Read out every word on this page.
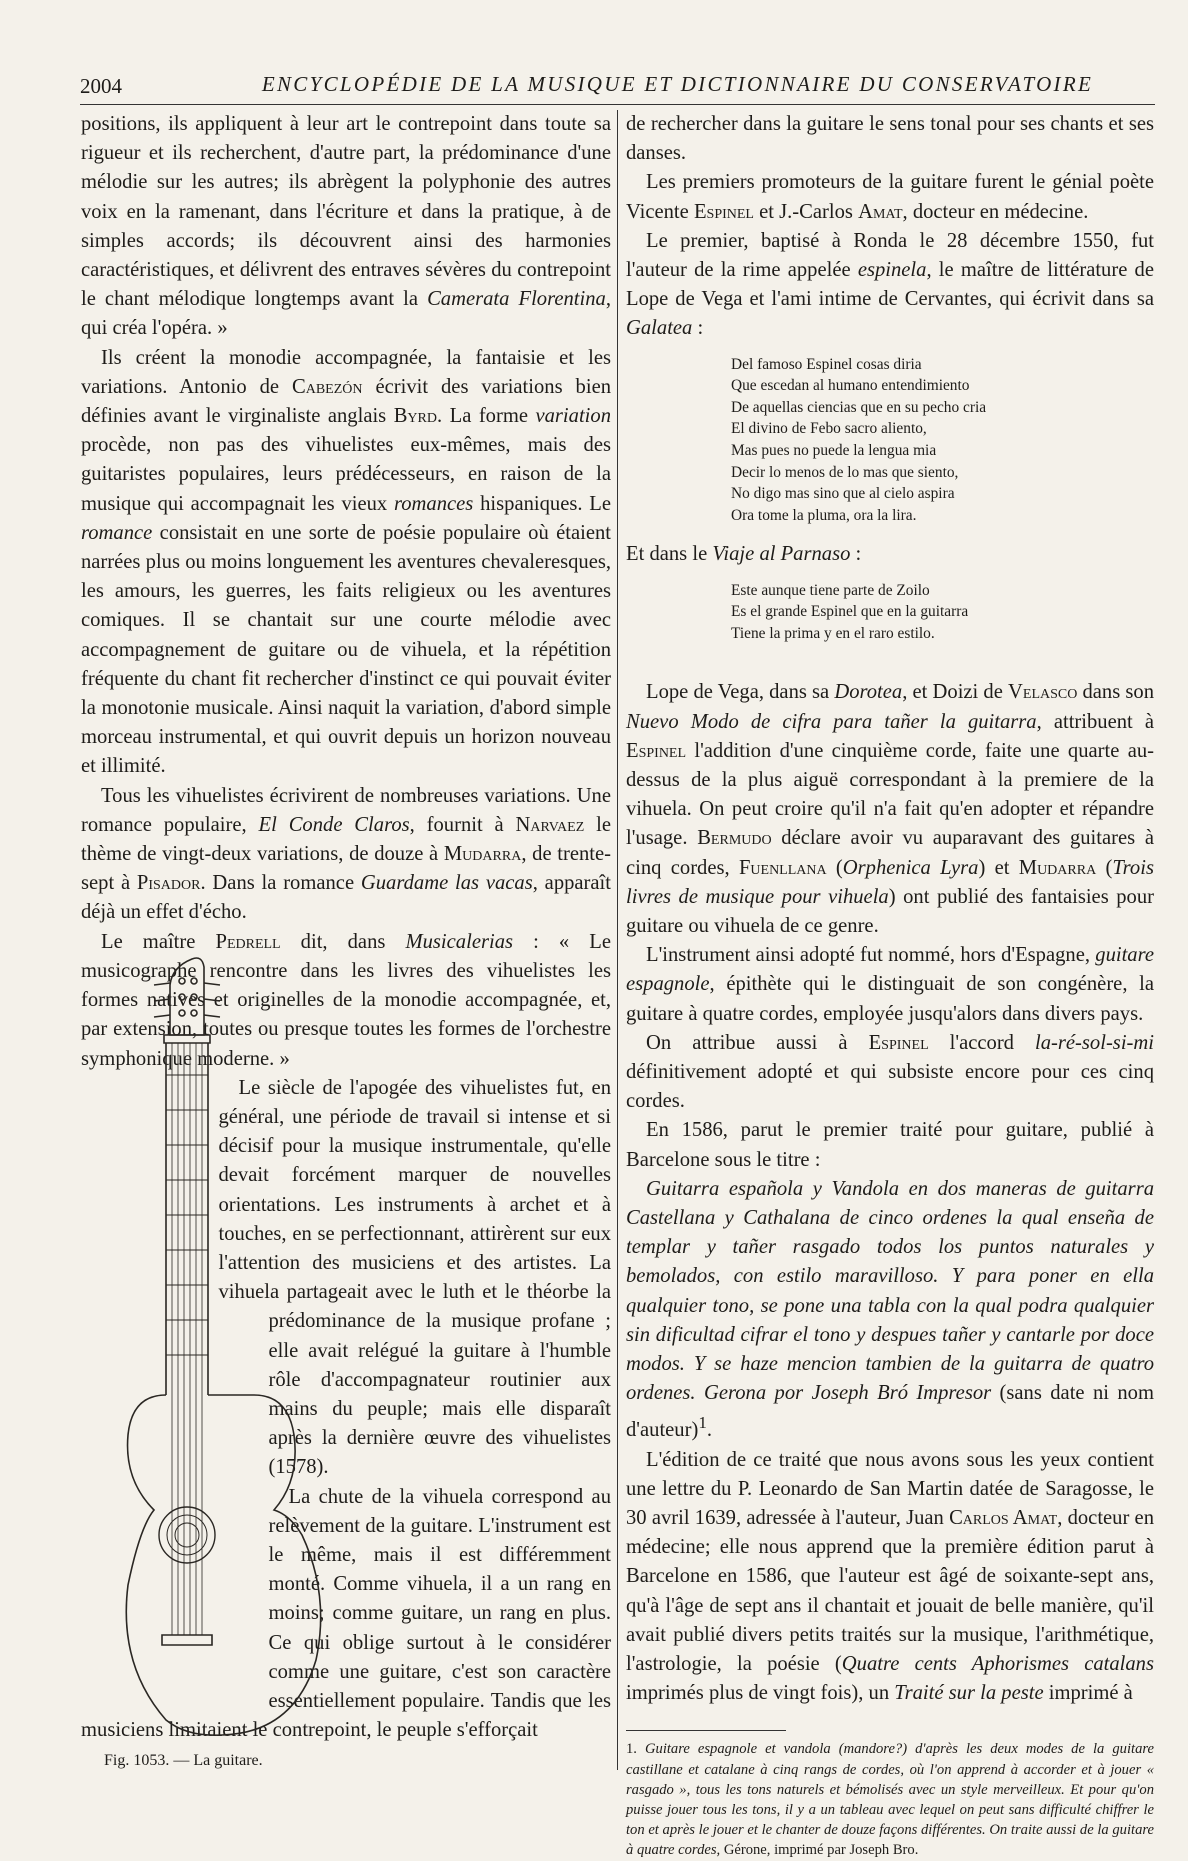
2004	ENCYCLOPÉDIE DE LA MUSIQUE ET DICTIONNAIRE DU CONSERVATOIRE

positions, ils appliquent à leur art le contrepoint dans toute sa rigueur et ils recherchent, d'autre part, la prédominance d'une mélodie sur les autres; ils abrègent la polyphonie des autres voix en la ramenant, dans l'écriture et dans la pratique, à de simples accords; ils découvrent ainsi des harmonies caractéristiques, et délivrent des entraves sévères du contrepoint le chant mélodique longtemps avant la Camerata Florentina, qui créa l'opéra. »

Ils créent la monodie accompagnée, la fantaisie et les variations. Antonio de Cabezón écrivit des variations bien définies avant le virginaliste anglais Byrd. La forme variation procède, non pas des vihuelistes eux-mêmes, mais des guitaristes populaires, leurs prédécesseurs, en raison de la musique qui accompagnait les vieux romances hispaniques. Le romance consistait en une sorte de poésie populaire où étaient narrées plus ou moins longuement les aventures chevaleresques, les amours, les guerres, les faits religieux ou les aventures comiques. Il se chantait sur une courte mélodie avec accompagnement de guitare ou de vihuela, et la répétition fréquente du chant fit rechercher d'instinct ce qui pouvait éviter la monotonie musicale. Ainsi naquit la variation, d'abord simple morceau instrumental, et qui ouvrit depuis un horizon nouveau et illimité.

Tous les vihuelistes écrivirent de nombreuses variations. Une romance populaire, El Conde Claros, fournit à Narvaez le thème de vingt-deux variations, de douze à Mudarra, de trente-sept à Pisador. Dans la romance Guardame las vacas, apparaît déjà un effet d'écho.

Le maître Pedrell dit, dans Musicalerias : « Le musicographe rencontre dans les livres des vihuelistes les formes natives et originelles de la monodie accompagnée, et, par extension, toutes ou presque toutes les formes de l'orchestre symphonique moderne. »

Le siècle de l'apogée des vihuelistes fut, en général, une période de travail si intense et si décisif pour la musique instrumentale, qu'elle devait forcément marquer de nouvelles orientations. Les instruments à archet et à touches, en se perfectionnant, attirèrent sur eux l'attention des musiciens et des artistes. La vihuela partageait avec le luth et le théorbe la prédominance de la musique profane ; elle avait relégué la guitare à l'humble rôle d'accompagnateur routinier aux mains du peuple; mais elle disparaît après la dernière œuvre des vihuelistes (1578).

La chute de la vihuela correspond au relèvement de la guitare. L'instrument est le même, mais il est différemment monté. Comme vihuela, il a un rang en moins; comme guitare, un rang en plus. Ce qui oblige surtout à le considérer comme une guitare, c'est son caractère essentiellement populaire. Tandis que les musiciens limitaient le contrepoint, le peuple s'efforçait

Fig. 1053. — La guitare.

de rechercher dans la guitare le sens tonal pour ses chants et ses danses.

Les premiers promoteurs de la guitare furent le génial poète Vicente Espinel et J.-Carlos Amat, docteur en médecine.

Le premier, baptisé à Ronda le 28 décembre 1550, fut l'auteur de la rime appelée espinela, le maître de littérature de Lope de Vega et l'ami intime de Cervantes, qui écrivit dans sa Galatea :

Del famoso Espinel cosas diria
Que escedan al humano entendimiento
De aquellas ciencias que en su pecho cria
El divino de Febo sacro aliento,
Mas pues no puede la lengua mia
Decir lo menos de lo mas que siento,
No digo mas sino que al cielo aspira
Ora tome la pluma, ora la lira.

Et dans le Viaje al Parnaso :

Este aunque tiene parte de Zoilo
Es el grande Espinel que en la guitarra
Tiene la prima y en el raro estilo.

Lope de Vega, dans sa Dorotea, et Doizi de Velasco dans son Nuevo Modo de cifra para tañer la guitarra, attribuent à Espinel l'addition d'une cinquième corde, faite une quarte au-dessus de la plus aiguë correspondant à la premiere de la vihuela. On peut croire qu'il n'a fait qu'en adopter et répandre l'usage. Bermudo déclare avoir vu auparavant des guitares à cinq cordes, Fuenllana (Orphenica Lyra) et Mudarra (Trois livres de musique pour vihuela) ont publié des fantaisies pour guitare ou vihuela de ce genre.

L'instrument ainsi adopté fut nommé, hors d'Espagne, guitare espagnole, épithète qui le distinguait de son congénère, la guitare à quatre cordes, employée jusqu'alors dans divers pays.

On attribue aussi à Espinel l'accord la-ré-sol-si-mi définitivement adopté et qui subsiste encore pour ces cinq cordes.

En 1586, parut le premier traité pour guitare, publié à Barcelone sous le titre :

Guitarra española y Vandola en dos maneras de guitarra Castellana y Cathalana de cinco ordenes la qual enseña de templar y tañer rasgado todos los puntos naturales y bemolados, con estilo maravilloso. Y para poner en ella qualquier tono, se pone una tabla con la qual podra qualquier sin dificultad cifrar el tono y despues tañer y cantarle por doce modos. Y se haze mencion tambien de la guitarra de quatro ordenes. Gerona por Joseph Bró Impresor (sans date ni nom d'auteur)$^1$.

L'édition de ce traité que nous avons sous les yeux contient une lettre du P. Leonardo de San Martin datée de Saragosse, le 30 avril 1639, adressée à l'auteur, Juan Carlos Amat, docteur en médecine; elle nous apprend que la première édition parut à Barcelone en 1586, que l'auteur est âgé de soixante-sept ans, qu'à l'âge de sept ans il chantait et jouait de belle manière, qu'il avait publié divers petits traités sur la musique, l'arithmétique, l'astrologie, la poésie (Quatre cents Aphorismes catalans imprimés plus de vingt fois), un Traité sur la peste imprimé à

1. Guitare espagnole et vandola (mandore?) d'après les deux modes de la guitare castillane et catalane à cinq rangs de cordes, où l'on apprend à accorder et à jouer « rasgado », tous les tons naturels et bémolisés avec un style merveilleux. Et pour qu'on puisse jouer tous les tons, il y a un tableau avec lequel on peut sans difficulté chiffrer le ton et après le jouer et le chanter de douze façons différentes. On traite aussi de la guitare à quatre cordes, Gérone, imprimé par Joseph Bro.
